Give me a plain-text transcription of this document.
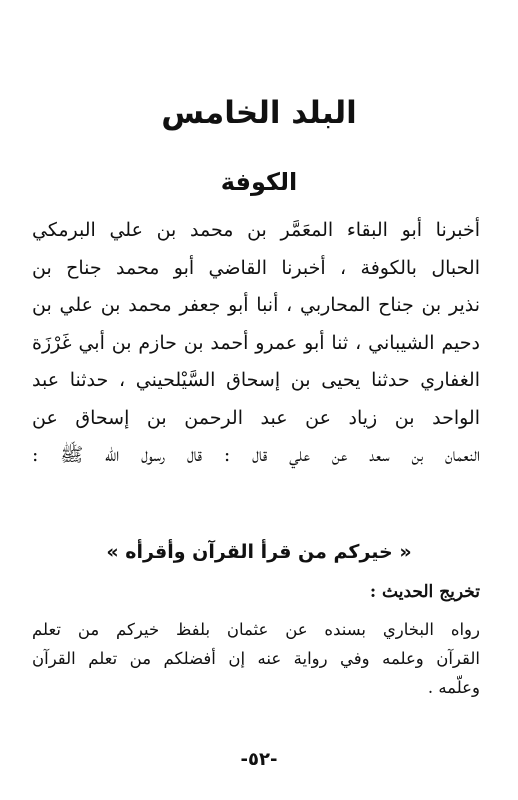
البلد الخامس
الكوفة
أخبرنا أبو البقاء المعَمَّر بن محمد بن علي البرمكي
الحبال بالكوفة ، أخبرنا القاضي أبو محمد جناح بن
نذير بن جناح المحاربي ، أنبا أبو جعفر محمد بن علي بن
دحيم الشيباني ، ثنا أبو عمرو أحمد بن حازم بن أبي غَرْزَة
الغفاري حدثنا يحيى بن إسحاق السَّيْلحيني ، حدثنا عبد
الواحد بن زياد عن عبد الرحمن بن إسحاق عن
النعمان بن سعد عن علي قال : قال رسول الله ﷺ :
« خيركم من قرأ القرآن وأقرأه »
تخريج الحديث :
رواه البخاري بسنده عن عثمان بلفظ خيركم من تعلم
القرآن وعلمه وفي رواية عنه إن أفضلكم من تعلم القرآن
وعلّمه .
-٥٢-
